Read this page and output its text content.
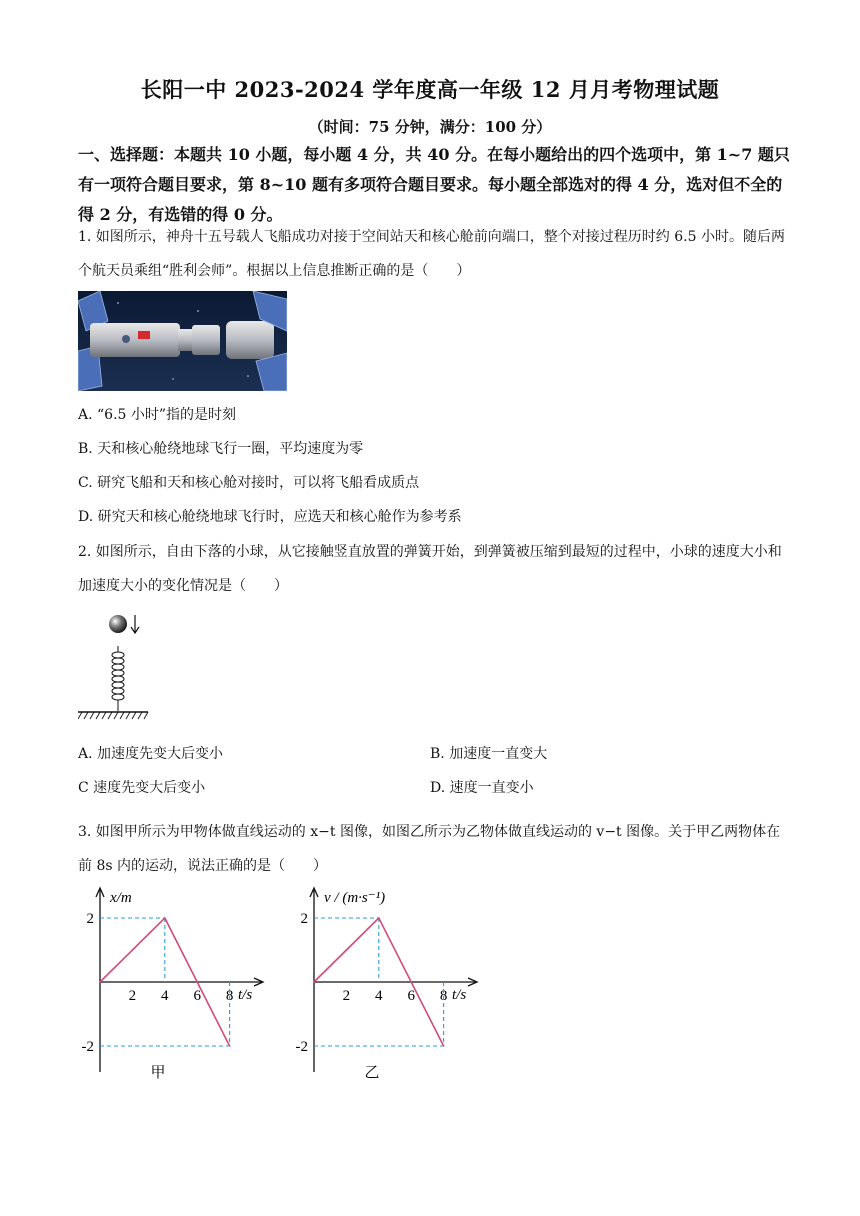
长阳一中 2023-2024 学年度高一年级 12 月月考物理试题
（时间：75 分钟，满分：100 分）
一、选择题：本题共 10 小题，每小题 4 分，共 40 分。在每小题给出的四个选项中，第 1~7 题只有一项符合题目要求，第 8~10 题有多项符合题目要求。每小题全部选对的得 4 分，选对但不全的得 2 分，有选错的得 0 分。
1. 如图所示，神舟十五号载人飞船成功对接于空间站天和核心舱前向端口，整个对接过程历时约 6.5 小时。随后两个航天员乘组“胜利会师”。根据以上信息推断正确的是（　　）
A. “6.5 小时”指的是时刻
B. 天和核心舱绕地球飞行一圈，平均速度为零
C. 研究飞船和天和核心舱对接时，可以将飞船看成质点
D. 研究天和核心舱绕地球飞行时，应选天和核心舱作为参考系
2. 如图所示，自由下落的小球，从它接触竖直放置的弹簧开始，到弹簧被压缩到最短的过程中，小球的速度大小和加速度大小的变化情况是（　　）
A. 加速度先变大后变小	B. 加速度一直变大
C 速度先变大后变小	D. 速度一直变小
3. 如图甲所示为甲物体做直线运动的 x−t 图像，如图乙所示为乙物体做直线运动的 v−t 图像。关于甲乙两物体在前 8s 内的运动，说法正确的是（　　）
x/m
t/s
2 4 6 8
2
-2
甲
v / (m·s⁻¹)
t/s
2 4 6 8
2
-2
乙
